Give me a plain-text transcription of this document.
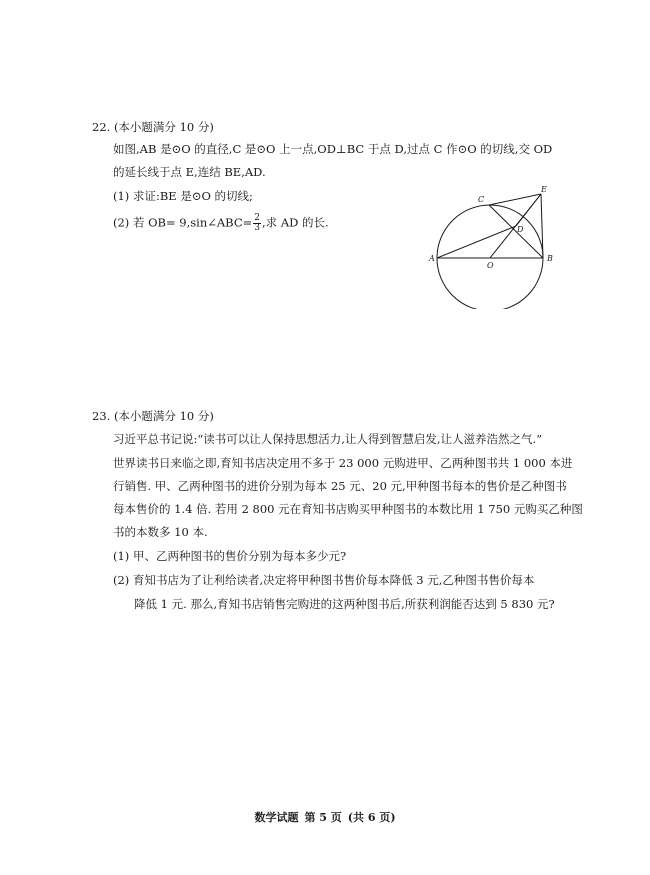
22. (本小题满分 10 分)
如图,AB 是⊙O 的直径,C 是⊙O 上一点,OD⊥BC 于点 D,过点 C 作⊙O 的切线,交 OD
的延长线于点 E,连结 BE,AD.
(1) 求证:BE 是⊙O 的切线;
(2) 若 OB= 9,sin∠ABC= $\frac{2}{3}$ ,求 AD 的长.
E
C
D
A	B
O
23. (本小题满分 10 分)
习近平总书记说:“读书可以让人保持思想活力,让人得到智慧启发,让人滋养浩然之气.”
世界读书日来临之即,育知书店决定用不多于 23 000 元购进甲、乙两种图书共 1 000 本进
行销售. 甲、乙两种图书的进价分别为每本 25 元、20 元,甲种图书每本的售价是乙种图书
每本售价的 1.4 倍. 若用 2 800 元在育知书店购买甲种图书的本数比用 1 750 元购买乙种图
书的本数多 10 本.
(1) 甲、乙两种图书的售价分别为每本多少元?
(2) 育知书店为了让利给读者,决定将甲种图书售价每本降低 3 元,乙种图书售价每本
降低 1 元. 那么,育知书店销售完购进的这两种图书后,所获利润能否达到 5 830 元?
数学试题 第 5 页 (共 6 页)
